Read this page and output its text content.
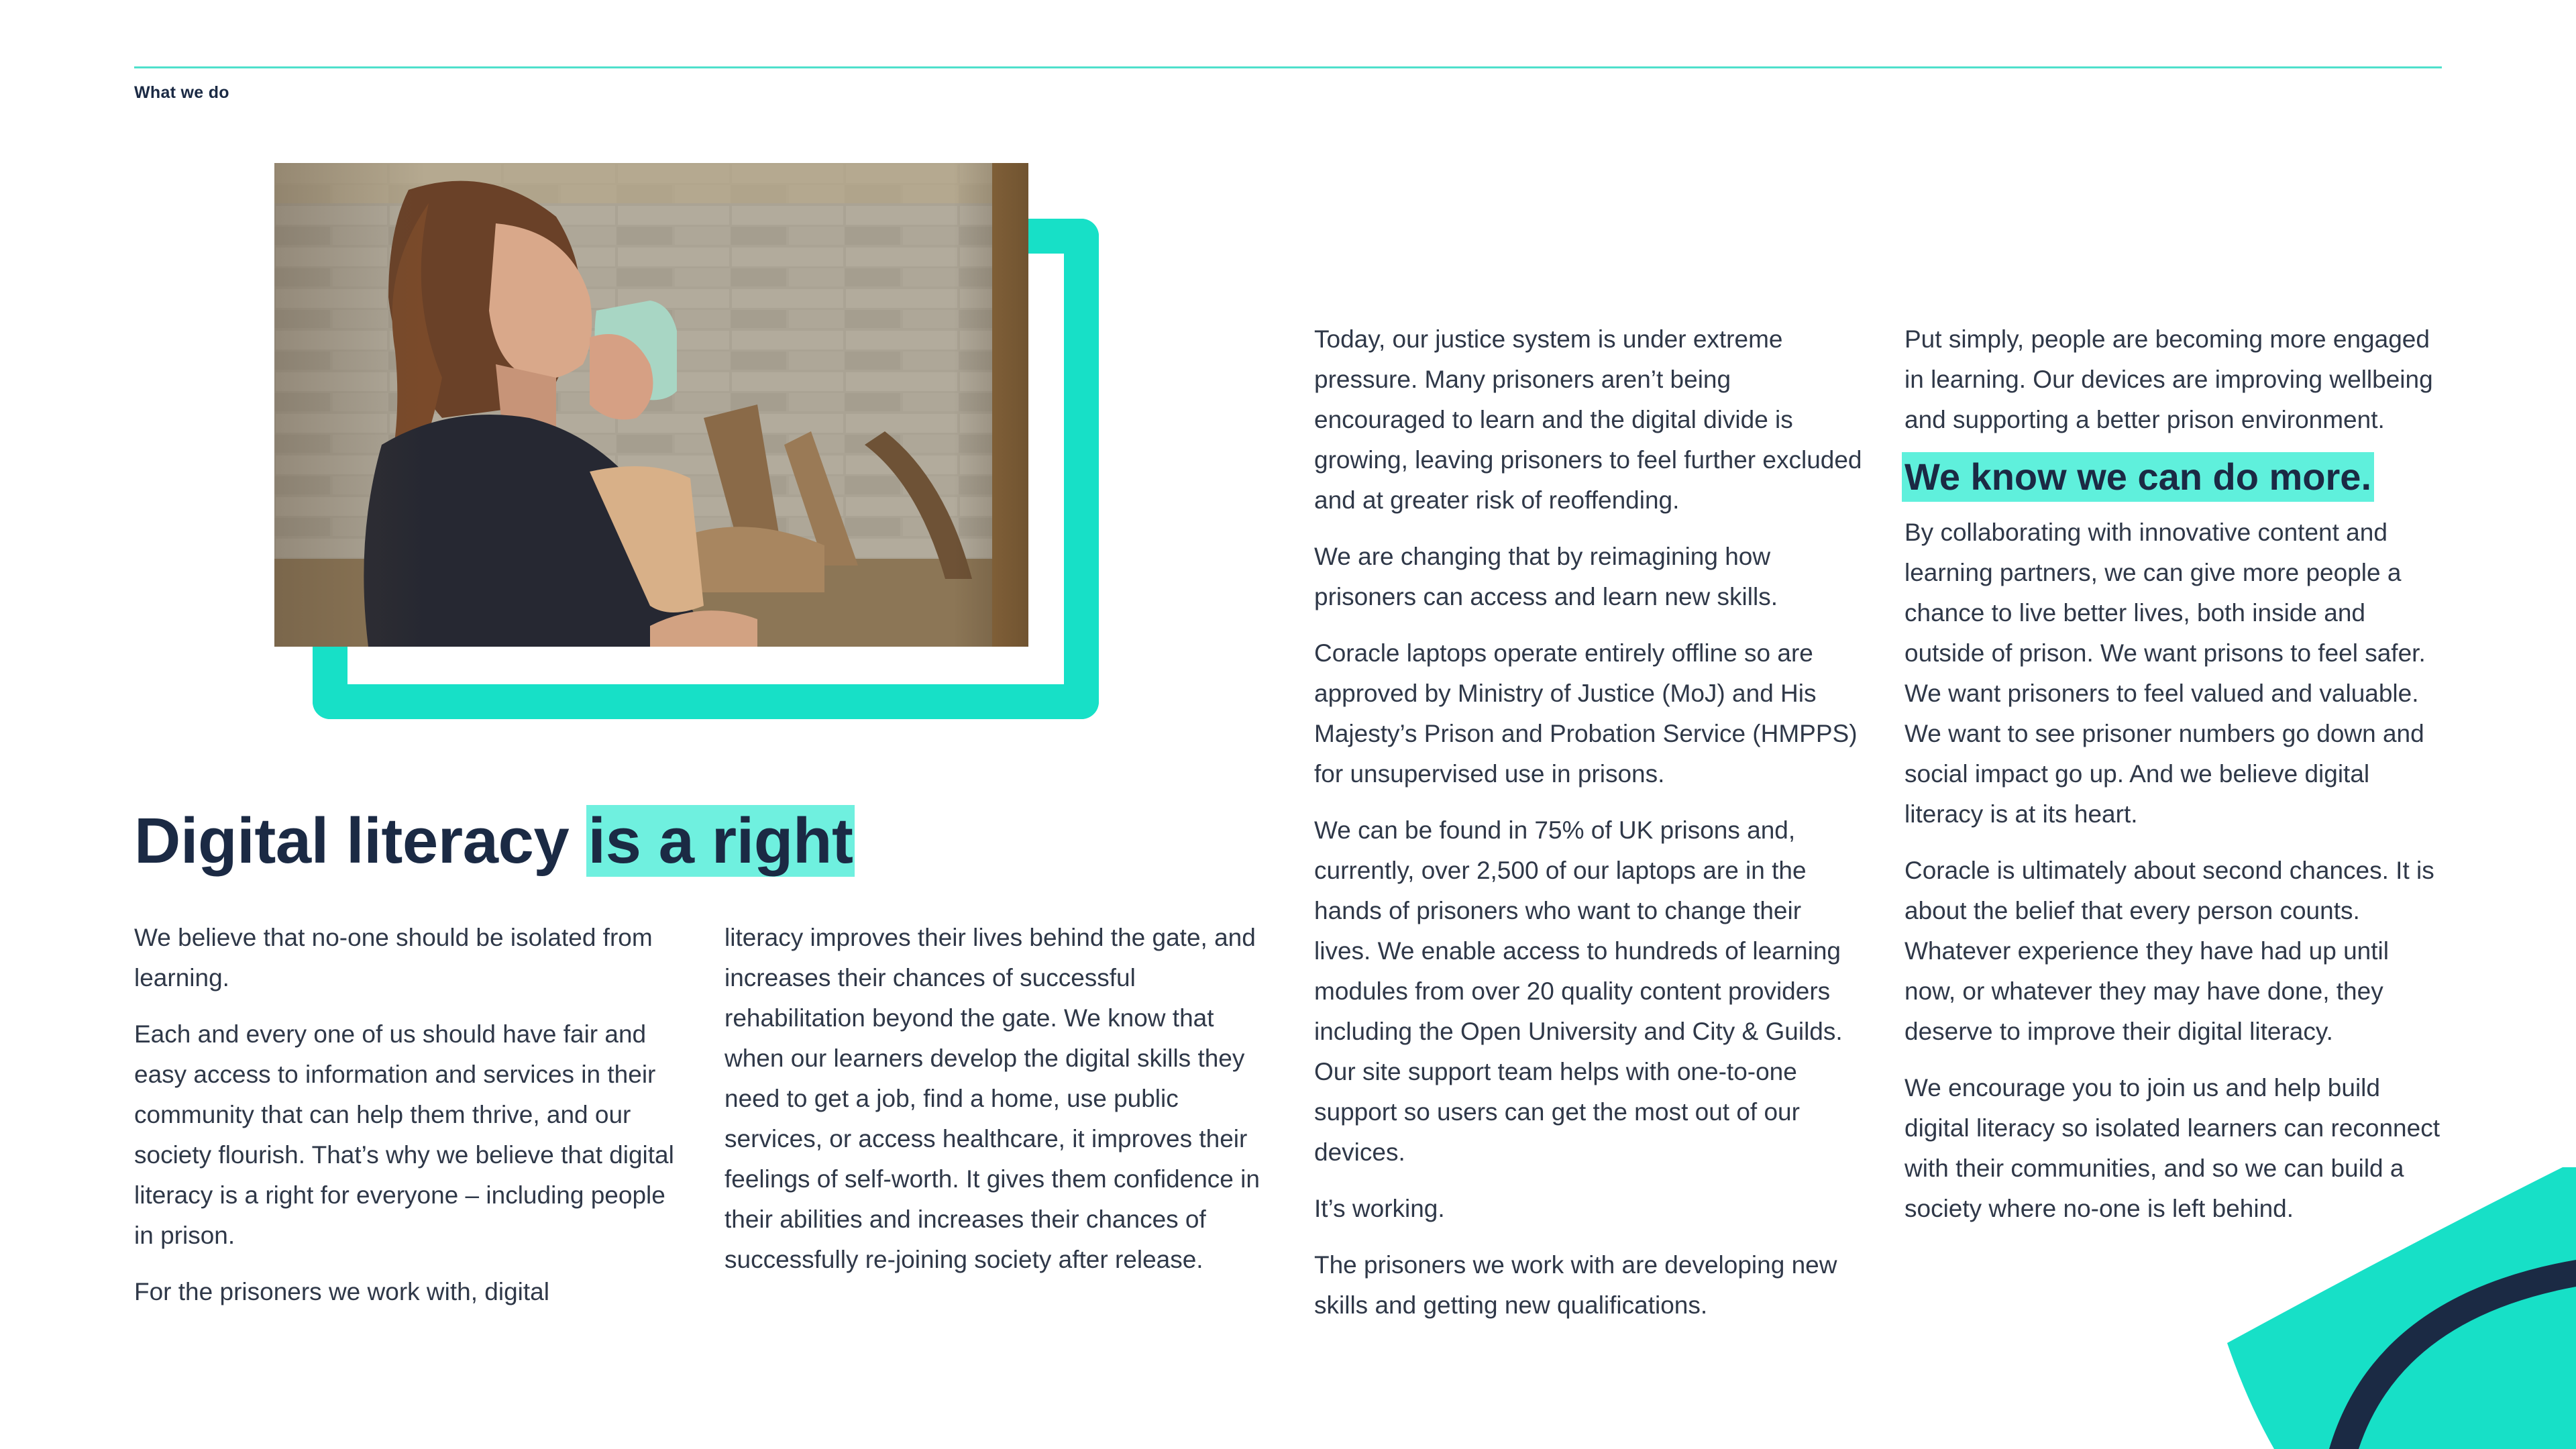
What we do
Digital literacy is a right

We believe that no-one should be isolated from learning.

Each and every one of us should have fair and easy access to information and services in their community that can help them thrive, and our society flourish. That’s why we believe that digital literacy is a right for everyone – including people in prison.

For the prisoners we work with, digital

literacy improves their lives behind the gate, and increases their chances of successful rehabilitation beyond the gate. We know that when our learners develop the digital skills they need to get a job, find a home, use public services, or access healthcare, it improves their feelings of self-worth. It gives them confidence in their abilities and increases their chances of successfully re-joining society after release.

Today, our justice system is under extreme pressure. Many prisoners aren’t being encouraged to learn and the digital divide is growing, leaving prisoners to feel further excluded and at greater risk of reoffending.

We are changing that by reimagining how prisoners can access and learn new skills.

Coracle laptops operate entirely offline so are approved by Ministry of Justice (MoJ) and His Majesty’s Prison and Probation Service (HMPPS) for unsupervised use in prisons.

We can be found in 75% of UK prisons and, currently, over 2,500 of our laptops are in the hands of prisoners who want to change their lives. We enable access to hundreds of learning modules from over 20 quality content providers including the Open University and City & Guilds. Our site support team helps with one-to-one support so users can get the most out of our devices.

It’s working.

The prisoners we work with are developing new skills and getting new qualifications.

Put simply, people are becoming more engaged in learning. Our devices are improving wellbeing and supporting a better prison environment.

We know we can do more.

By collaborating with innovative content and learning partners, we can give more people a chance to live better lives, both inside and outside of prison. We want prisons to feel safer. We want prisoners to feel valued and valuable. We want to see prisoner numbers go down and social impact go up. And we believe digital literacy is at its heart.

Coracle is ultimately about second chances. It is about the belief that every person counts. Whatever experience they have had up until now, or whatever they may have done, they deserve to improve their digital literacy.

We encourage you to join us and help build digital literacy so isolated learners can reconnect with their communities, and so we can build a society where no-one is left behind.
